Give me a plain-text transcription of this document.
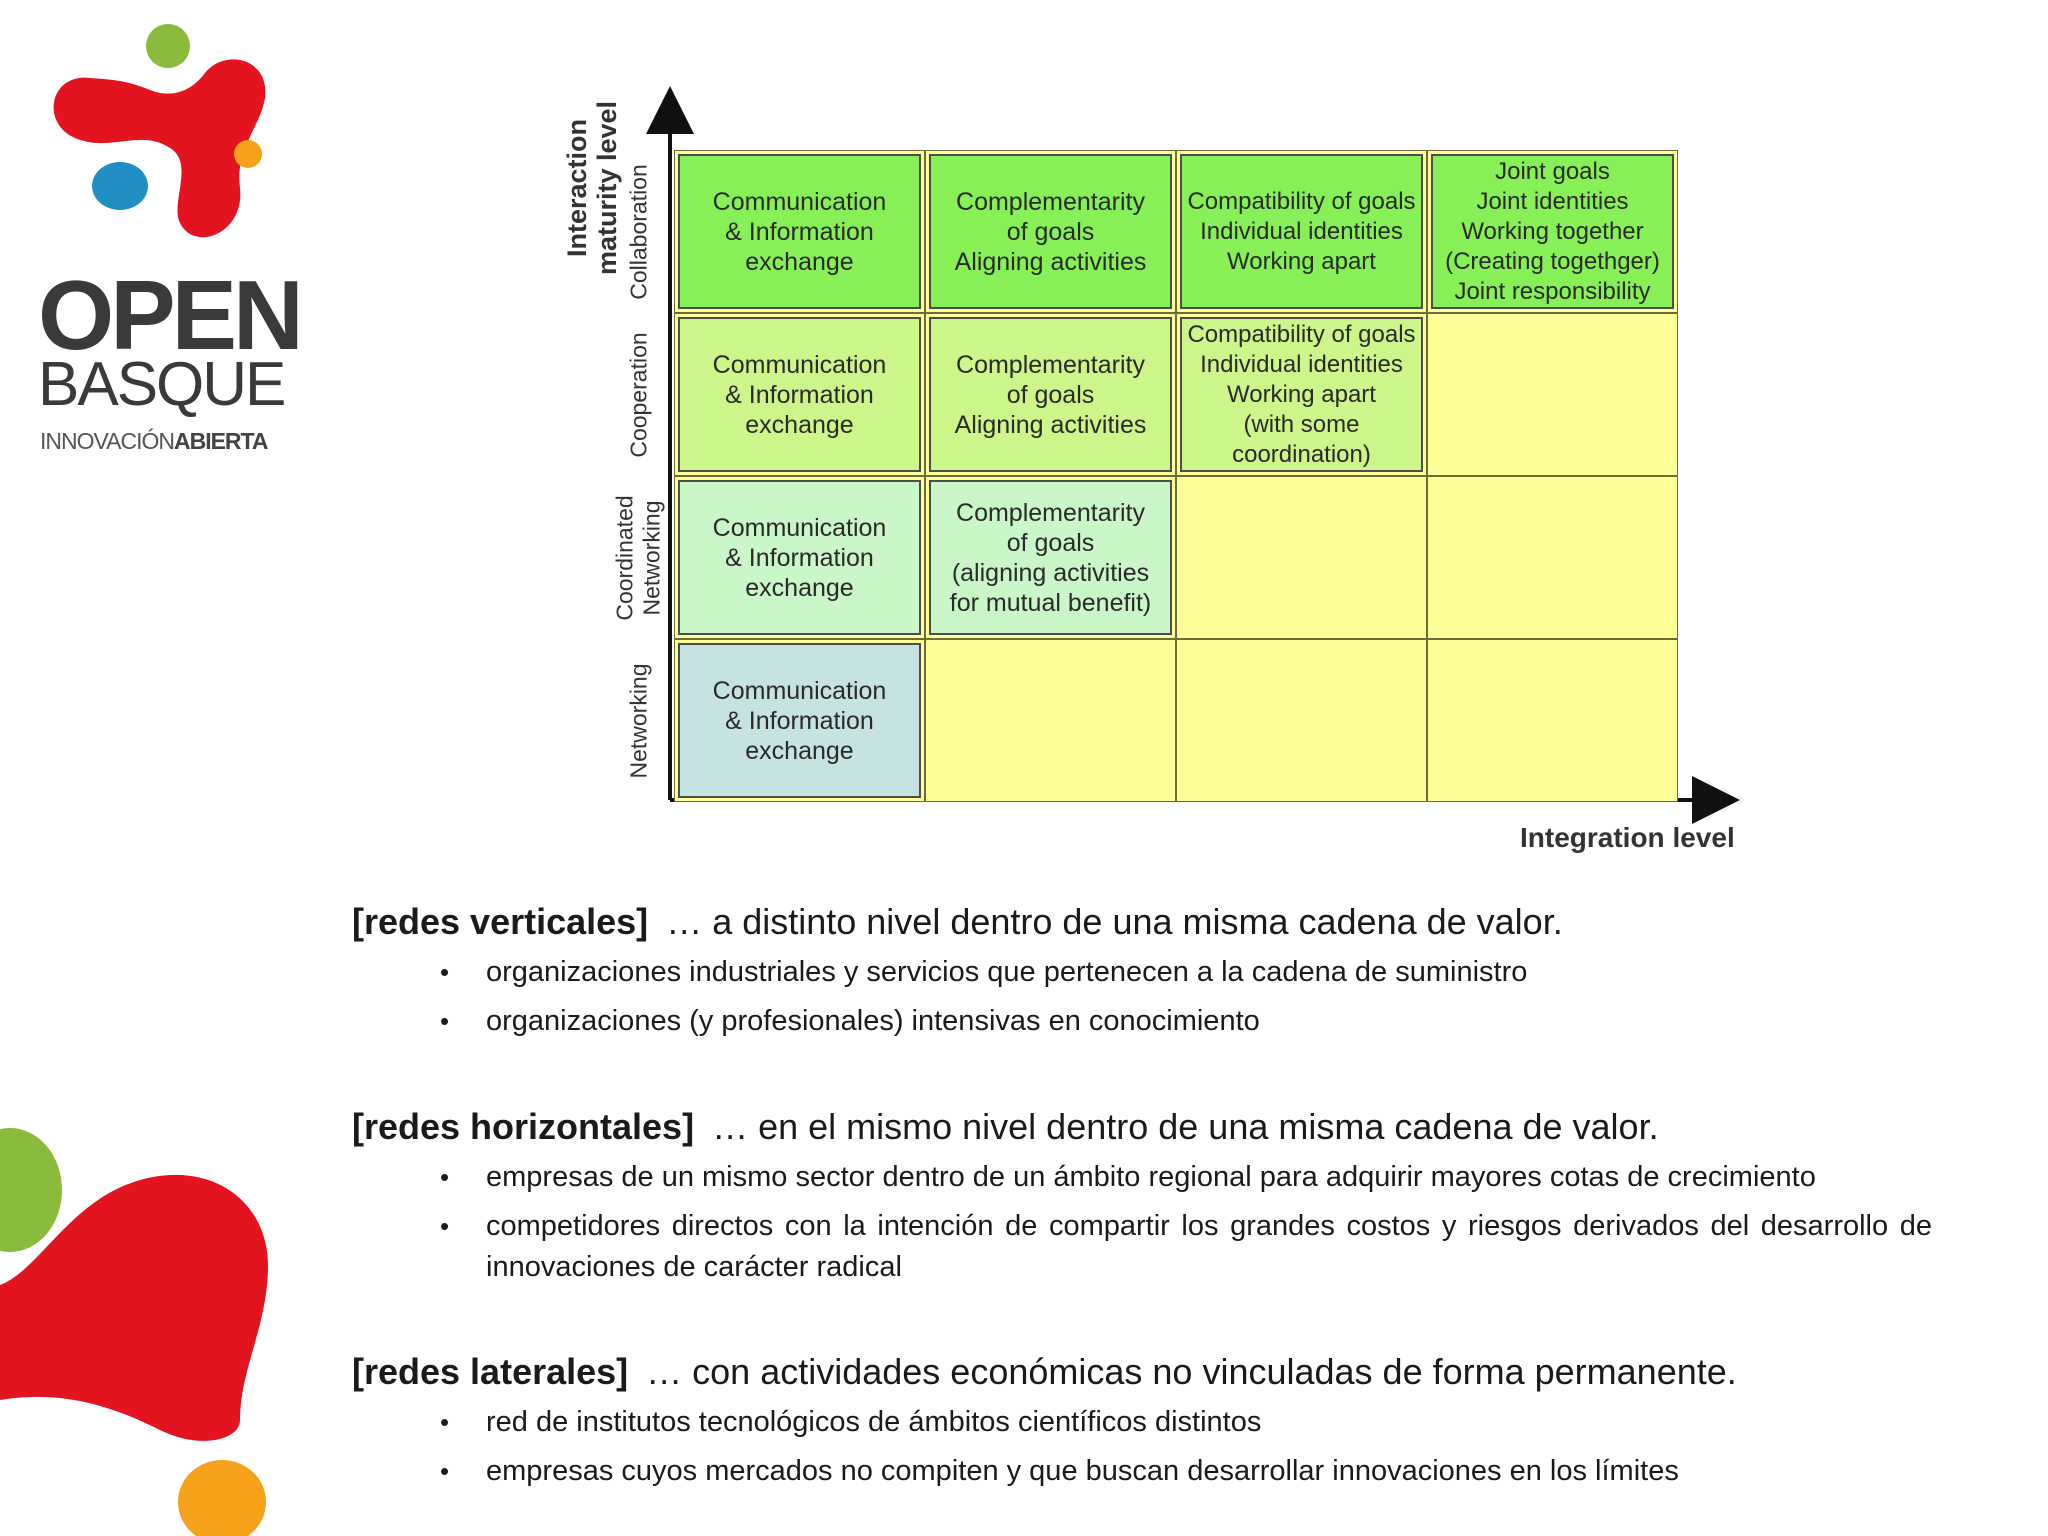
OPEN
BASQUE
INNOVACIÓNABIERTA
Communication
& Information
exchange
Complementarity
of goals
Aligning activities
Compatibility of goals
Individual identities
Working apart
Joint goals
Joint identities
Working together
(Creating togethger)
Joint responsibility
Communication
& Information
exchange
Complementarity
of goals
Aligning activities
Compatibility of goals
Individual identities
Working apart
(with some
coordination)
Communication
& Information
exchange
Complementarity
of goals
(aligning activities
for mutual benefit)
Communication
& Information
exchange
Interaction
maturity level
Collaboration
Cooperation
Coordinated
Networking
Networking
Integration level
[redes verticales] … a distinto nivel dentro de una misma cadena de valor.
• organizaciones industriales y servicios que pertenecen a la cadena de suministro
• organizaciones (y profesionales) intensivas en conocimiento
[redes horizontales] … en el mismo nivel dentro de una misma cadena de valor.
• empresas de un mismo sector dentro de un ámbito regional para adquirir mayores cotas de crecimiento
• competidores directos con la intención de compartir los grandes costos y riesgos derivados del desarrollo de innovaciones de carácter radical
[redes laterales] … con actividades económicas no vinculadas de forma permanente.
• red de institutos tecnológicos de ámbitos científicos distintos
• empresas cuyos mercados no compiten y que buscan desarrollar innovaciones en los límites
